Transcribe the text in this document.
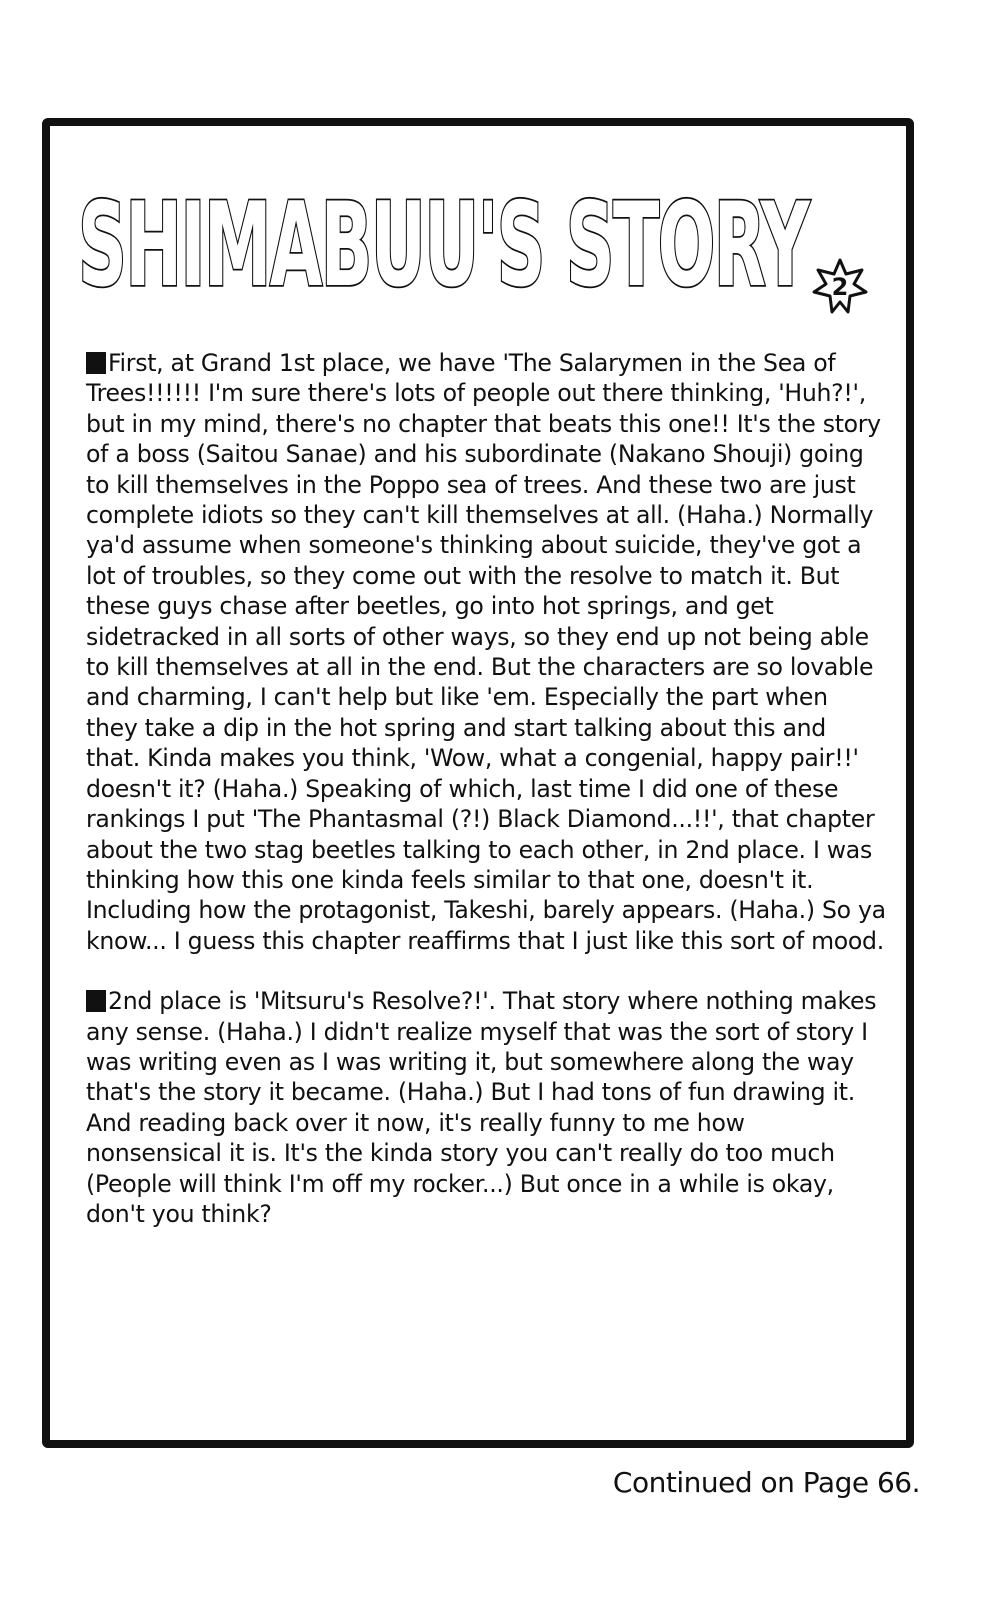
SHIMABUU'S STORY 2

First, at Grand 1st place, we have 'The Salarymen in the Sea of Trees!!!!!! I'm sure there's lots of people out there thinking, 'Huh?!', but in my mind, there's no chapter that beats this one!! It's the story of a boss (Saitou Sanae) and his subordinate (Nakano Shouji) going to kill themselves in the Poppo sea of trees. And these two are just complete idiots so they can't kill themselves at all. (Haha.) Normally ya'd assume when someone's thinking about suicide, they've got a lot of troubles, so they come out with the resolve to match it. But these guys chase after beetles, go into hot springs, and get sidetracked in all sorts of other ways, so they end up not being able to kill themselves at all in the end. But the characters are so lovable and charming, I can't help but like 'em. Especially the part when they take a dip in the hot spring and start talking about this and that. Kinda makes you think, 'Wow, what a congenial, happy pair!!' doesn't it? (Haha.) Speaking of which, last time I did one of these rankings I put 'The Phantasmal (?!) Black Diamond...!!', that chapter about the two stag beetles talking to each other, in 2nd place. I was thinking how this one kinda feels similar to that one, doesn't it. Including how the protagonist, Takeshi, barely appears. (Haha.) So ya know... I guess this chapter reaffirms that I just like this sort of mood.

2nd place is 'Mitsuru's Resolve?!'. That story where nothing makes any sense. (Haha.) I didn't realize myself that was the sort of story I was writing even as I was writing it, but somewhere along the way that's the story it became. (Haha.) But I had tons of fun drawing it. And reading back over it now, it's really funny to me how nonsensical it is. It's the kinda story you can't really do too much (People will think I'm off my rocker...) But once in a while is okay, don't you think?

Continued on Page 66.
